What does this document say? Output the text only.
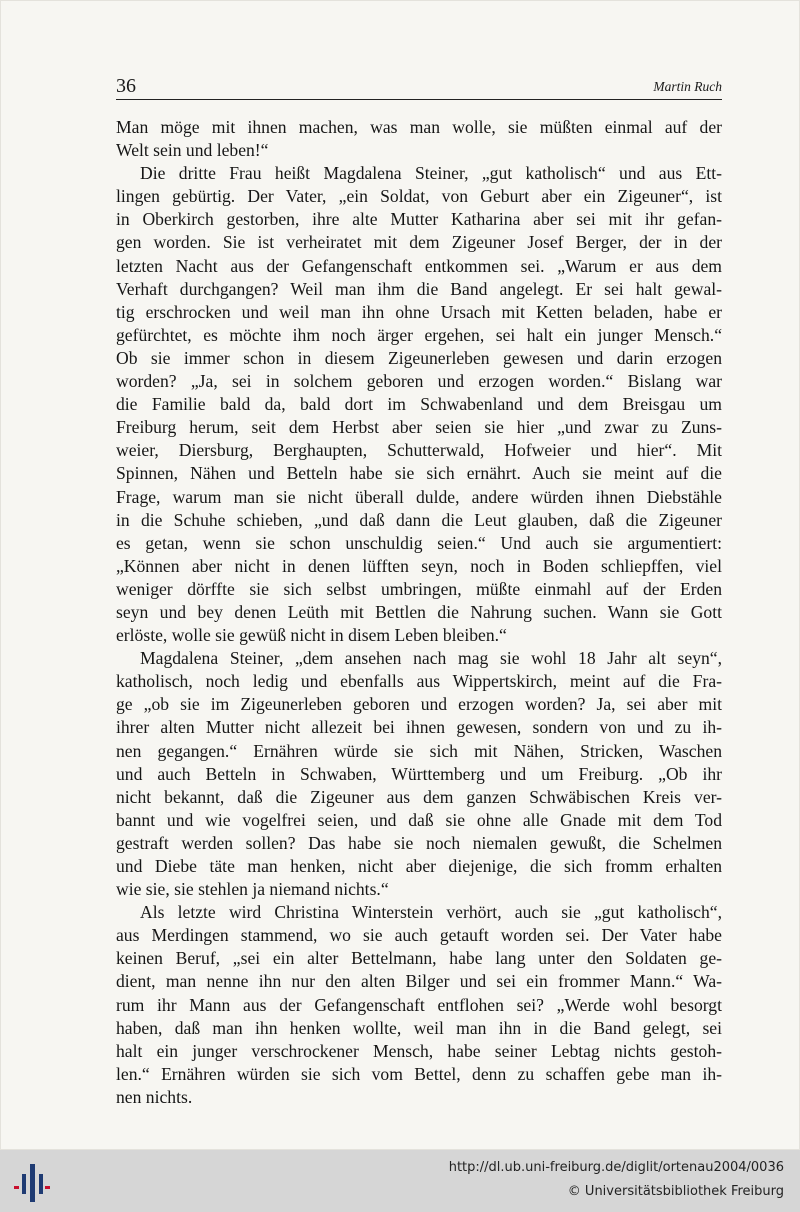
36	Martin Ruch
Man möge mit ihnen machen, was man wolle, sie müßten einmal auf der
Welt sein und leben!“
Die dritte Frau heißt Magdalena Steiner, „gut katholisch“ und aus Ett-
lingen gebürtig. Der Vater, „ein Soldat, von Geburt aber ein Zigeuner“, ist
in Oberkirch gestorben, ihre alte Mutter Katharina aber sei mit ihr gefan-
gen worden. Sie ist verheiratet mit dem Zigeuner Josef Berger, der in der
letzten Nacht aus der Gefangenschaft entkommen sei. „Warum er aus dem
Verhaft durchgangen? Weil man ihm die Band angelegt. Er sei halt gewal-
tig erschrocken und weil man ihn ohne Ursach mit Ketten beladen, habe er
gefürchtet, es möchte ihm noch ärger ergehen, sei halt ein junger Mensch.“
Ob sie immer schon in diesem Zigeunerleben gewesen und darin erzogen
worden? „Ja, sei in solchem geboren und erzogen worden.“ Bislang war
die Familie bald da, bald dort im Schwabenland und dem Breisgau um
Freiburg herum, seit dem Herbst aber seien sie hier „und zwar zu Zuns-
weier, Diersburg, Berghaupten, Schutterwald, Hofweier und hier“. Mit
Spinnen, Nähen und Betteln habe sie sich ernährt. Auch sie meint auf die
Frage, warum man sie nicht überall dulde, andere würden ihnen Diebstähle
in die Schuhe schieben, „und daß dann die Leut glauben, daß die Zigeuner
es getan, wenn sie schon unschuldig seien.“ Und auch sie argumentiert:
„Können aber nicht in denen lüfften seyn, noch in Boden schliepffen, viel
weniger dörffte sie sich selbst umbringen, müßte einmahl auf der Erden
seyn und bey denen Leüth mit Bettlen die Nahrung suchen. Wann sie Gott
erlöste, wolle sie gewüß nicht in disem Leben bleiben.“
Magdalena Steiner, „dem ansehen nach mag sie wohl 18 Jahr alt seyn“,
katholisch, noch ledig und ebenfalls aus Wippertskirch, meint auf die Fra-
ge „ob sie im Zigeunerleben geboren und erzogen worden? Ja, sei aber mit
ihrer alten Mutter nicht allezeit bei ihnen gewesen, sondern von und zu ih-
nen gegangen.“ Ernähren würde sie sich mit Nähen, Stricken, Waschen
und auch Betteln in Schwaben, Württemberg und um Freiburg. „Ob ihr
nicht bekannt, daß die Zigeuner aus dem ganzen Schwäbischen Kreis ver-
bannt und wie vogelfrei seien, und daß sie ohne alle Gnade mit dem Tod
gestraft werden sollen? Das habe sie noch niemalen gewußt, die Schelmen
und Diebe täte man henken, nicht aber diejenige, die sich fromm erhalten
wie sie, sie stehlen ja niemand nichts.“
Als letzte wird Christina Winterstein verhört, auch sie „gut katholisch“,
aus Merdingen stammend, wo sie auch getauft worden sei. Der Vater habe
keinen Beruf, „sei ein alter Bettelmann, habe lang unter den Soldaten ge-
dient, man nenne ihn nur den alten Bilger und sei ein frommer Mann.“ Wa-
rum ihr Mann aus der Gefangenschaft entflohen sei? „Werde wohl besorgt
haben, daß man ihn henken wollte, weil man ihn in die Band gelegt, sei
halt ein junger verschrockener Mensch, habe seiner Lebtag nichts gestoh-
len.“ Ernähren würden sie sich vom Bettel, denn zu schaffen gebe man ih-
nen nichts.
http://dl.ub.uni-freiburg.de/diglit/ortenau2004/0036
© Universitätsbibliothek Freiburg
